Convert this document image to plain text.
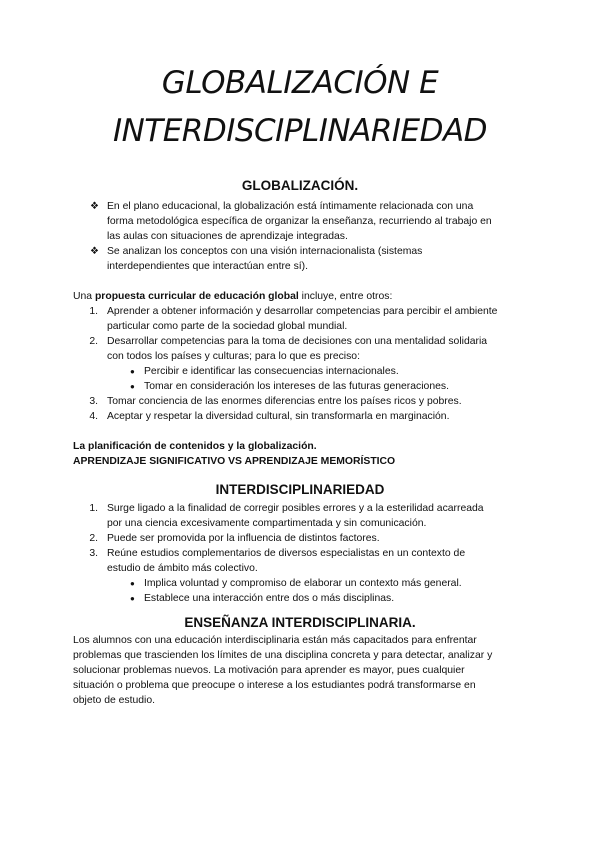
GLOBALIZACIÓN E
INTERDISCIPLINARIEDAD
GLOBALIZACIÓN.
❖ En el plano educacional, la globalización está íntimamente relacionada con una
forma metodológica específica de organizar la enseñanza, recurriendo al trabajo en
las aulas con situaciones de aprendizaje integradas.
❖ Se analizan los conceptos con una visión internacionalista (sistemas
interdependientes que interactúan entre sí).
Una propuesta curricular de educación global incluye, entre otros:
1. Aprender a obtener información y desarrollar competencias para percibir el ambiente
particular como parte de la sociedad global mundial.
2. Desarrollar competencias para la toma de decisiones con una mentalidad solidaria
con todos los países y culturas; para lo que es preciso:
● Percibir e identificar las consecuencias internacionales.
● Tomar en consideración los intereses de las futuras generaciones.
3. Tomar conciencia de las enormes diferencias entre los países ricos y pobres.
4. Aceptar y respetar la diversidad cultural, sin transformarla en marginación.
La planificación de contenidos y la globalización.
APRENDIZAJE SIGNIFICATIVO VS APRENDIZAJE MEMORÍSTICO
INTERDISCIPLINARIEDAD
1. Surge ligado a la finalidad de corregir posibles errores y a la esterilidad acarreada
por una ciencia excesivamente compartimentada y sin comunicación.
2. Puede ser promovida por la influencia de distintos factores.
3. Reúne estudios complementarios de diversos especialistas en un contexto de
estudio de ámbito más colectivo.
● Implica voluntad y compromiso de elaborar un contexto más general.
● Establece una interacción entre dos o más disciplinas.
ENSEÑANZA INTERDISCIPLINARIA.
Los alumnos con una educación interdisciplinaria están más capacitados para enfrentar
problemas que trascienden los límites de una disciplina concreta y para detectar, analizar y
solucionar problemas nuevos. La motivación para aprender es mayor, pues cualquier
situación o problema que preocupe o interese a los estudiantes podrá transformarse en
objeto de estudio.
